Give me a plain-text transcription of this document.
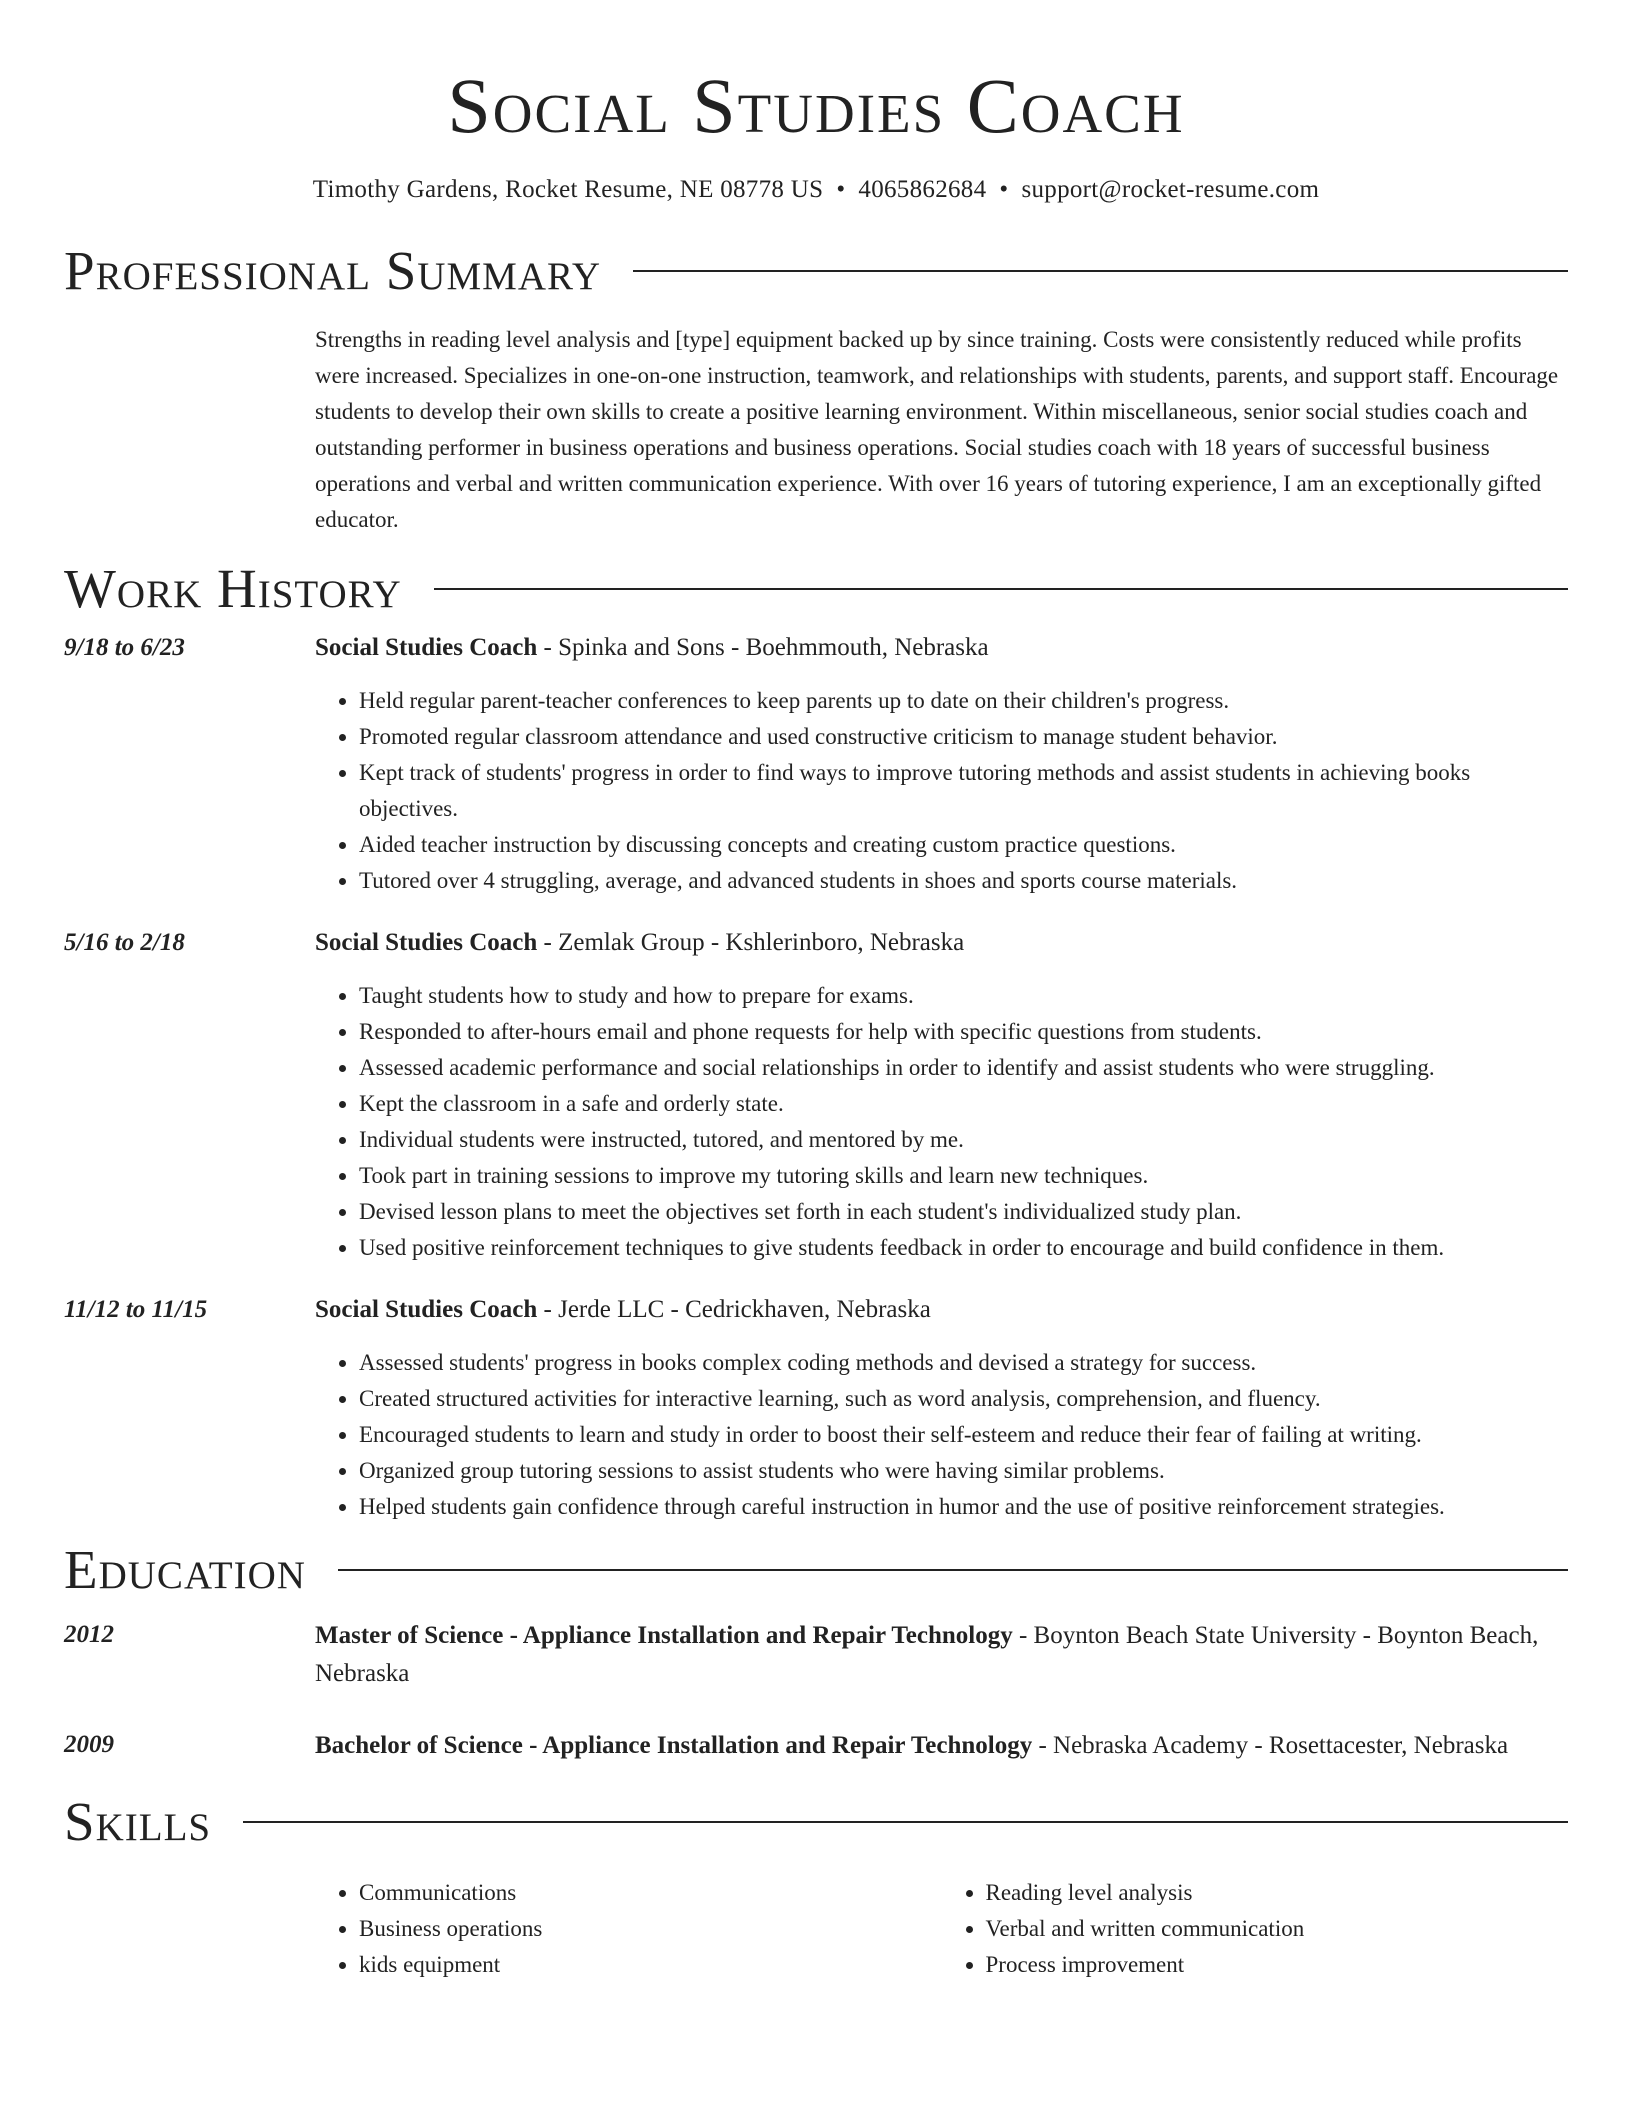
Social Studies Coach
Timothy Gardens, Rocket Resume, NE 08778 US • 4065862684 • support@rocket-resume.com
Professional Summary
Strengths in reading level analysis and [type] equipment backed up by since training. Costs were consistently reduced while profits were increased. Specializes in one-on-one instruction, teamwork, and relationships with students, parents, and support staff. Encourage students to develop their own skills to create a positive learning environment. Within miscellaneous, senior social studies coach and outstanding performer in business operations and business operations. Social studies coach with 18 years of successful business operations and verbal and written communication experience. With over 16 years of tutoring experience, I am an exceptionally gifted educator.
Work History
9/18 to 6/23	Social Studies Coach - Spinka and Sons - Boehmmouth, Nebraska
• Held regular parent-teacher conferences to keep parents up to date on their children's progress.
• Promoted regular classroom attendance and used constructive criticism to manage student behavior.
• Kept track of students' progress in order to find ways to improve tutoring methods and assist students in achieving books objectives.
• Aided teacher instruction by discussing concepts and creating custom practice questions.
• Tutored over 4 struggling, average, and advanced students in shoes and sports course materials.
5/16 to 2/18	Social Studies Coach - Zemlak Group - Kshlerinboro, Nebraska
• Taught students how to study and how to prepare for exams.
• Responded to after-hours email and phone requests for help with specific questions from students.
• Assessed academic performance and social relationships in order to identify and assist students who were struggling.
• Kept the classroom in a safe and orderly state.
• Individual students were instructed, tutored, and mentored by me.
• Took part in training sessions to improve my tutoring skills and learn new techniques.
• Devised lesson plans to meet the objectives set forth in each student's individualized study plan.
• Used positive reinforcement techniques to give students feedback in order to encourage and build confidence in them.
11/12 to 11/15	Social Studies Coach - Jerde LLC - Cedrickhaven, Nebraska
• Assessed students' progress in books complex coding methods and devised a strategy for success.
• Created structured activities for interactive learning, such as word analysis, comprehension, and fluency.
• Encouraged students to learn and study in order to boost their self-esteem and reduce their fear of failing at writing.
• Organized group tutoring sessions to assist students who were having similar problems.
• Helped students gain confidence through careful instruction in humor and the use of positive reinforcement strategies.
Education
2012	Master of Science - Appliance Installation and Repair Technology - Boynton Beach State University - Boynton Beach, Nebraska
2009	Bachelor of Science - Appliance Installation and Repair Technology - Nebraska Academy - Rosettacester, Nebraska
Skills
• Communications
• Business operations
• kids equipment
• Reading level analysis
• Verbal and written communication
• Process improvement
